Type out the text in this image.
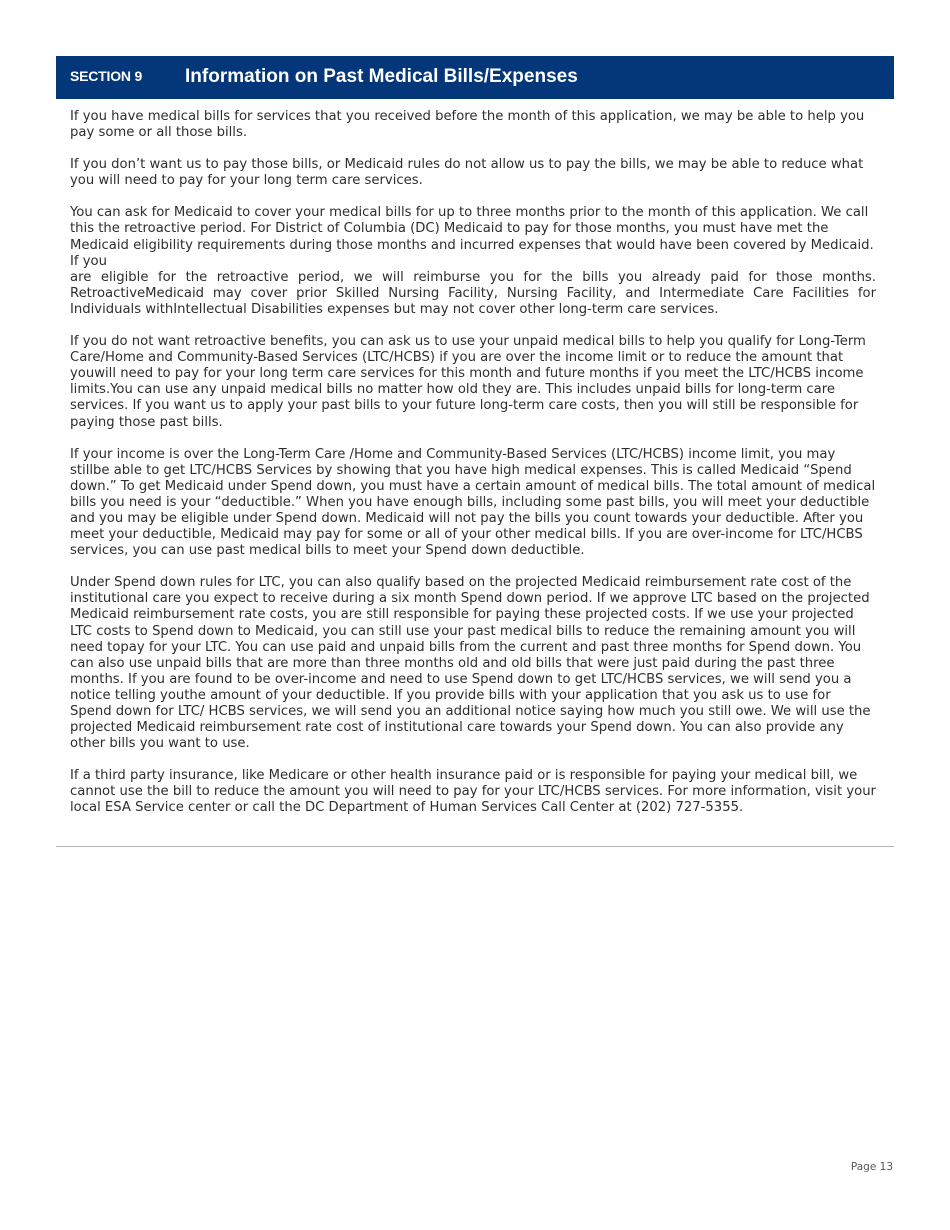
SECTION 9 Information on Past Medical Bills/Expenses

If you have medical bills for services that you received before the month of this application, we may be able to help you pay some or all those bills.

If you don’t want us to pay those bills, or Medicaid rules do not allow us to pay the bills, we may be able to reduce what you will need to pay for your long term care services.

You can ask for Medicaid to cover your medical bills for up to three months prior to the month of this application. We call this the retroactive period. For District of Columbia (DC) Medicaid to pay for those months, you must have met the Medicaid eligibility requirements during those months and incurred expenses that would have been covered by Medicaid. If you

are eligible for the retroactive period, we will reimburse you for the bills you already paid for those months. RetroactiveMedicaid may cover prior Skilled Nursing Facility, Nursing Facility, and Intermediate Care Facilities for Individuals withIntellectual Disabilities expenses but may not cover other long-term care services.

If you do not want retroactive benefits, you can ask us to use your unpaid medical bills to help you qualify for Long-Term Care/Home and Community-Based Services (LTC/HCBS) if you are over the income limit or to reduce the amount that youwill need to pay for your long term care services for this month and future months if you meet the LTC/HCBS income limits.You can use any unpaid medical bills no matter how old they are. This includes unpaid bills for long-term care services. If you want us to apply your past bills to your future long-term care costs, then you will still be responsible for paying those past bills.

If your income is over the Long-Term Care /Home and Community-Based Services (LTC/HCBS) income limit, you may stillbe able to get LTC/HCBS Services by showing that you have high medical expenses. This is called Medicaid “Spend down.” To get Medicaid under Spend down, you must have a certain amount of medical bills. The total amount of medical bills you need is your “deductible.” When you have enough bills, including some past bills, you will meet your deductible and you may be eligible under Spend down. Medicaid will not pay the bills you count towards your deductible. After you meet your deductible, Medicaid may pay for some or all of your other medical bills. If you are over-income for LTC/HCBS services, you can use past medical bills to meet your Spend down deductible.

Under Spend down rules for LTC, you can also qualify based on the projected Medicaid reimbursement rate cost of the institutional care you expect to receive during a six month Spend down period. If we approve LTC based on the projected Medicaid reimbursement rate costs, you are still responsible for paying these projected costs. If we use your projected LTC costs to Spend down to Medicaid, you can still use your past medical bills to reduce the remaining amount you will need topay for your LTC. You can use paid and unpaid bills from the current and past three months for Spend down. You can also use unpaid bills that are more than three months old and old bills that were just paid during the past three months. If you are found to be over-income and need to use Spend down to get LTC/HCBS services, we will send you a notice telling youthe amount of your deductible. If you provide bills with your application that you ask us to use for Spend down for LTC/ HCBS services, we will send you an additional notice saying how much you still owe. We will use the projected Medicaid reimbursement rate cost of institutional care towards your Spend down. You can also provide any other bills you want to use.

If a third party insurance, like Medicare or other health insurance paid or is responsible for paying your medical bill, we cannot use the bill to reduce the amount you will need to pay for your LTC/HCBS services. For more information, visit your local ESA Service center or call the DC Department of Human Services Call Center at (202) 727-5355.

Page 13
